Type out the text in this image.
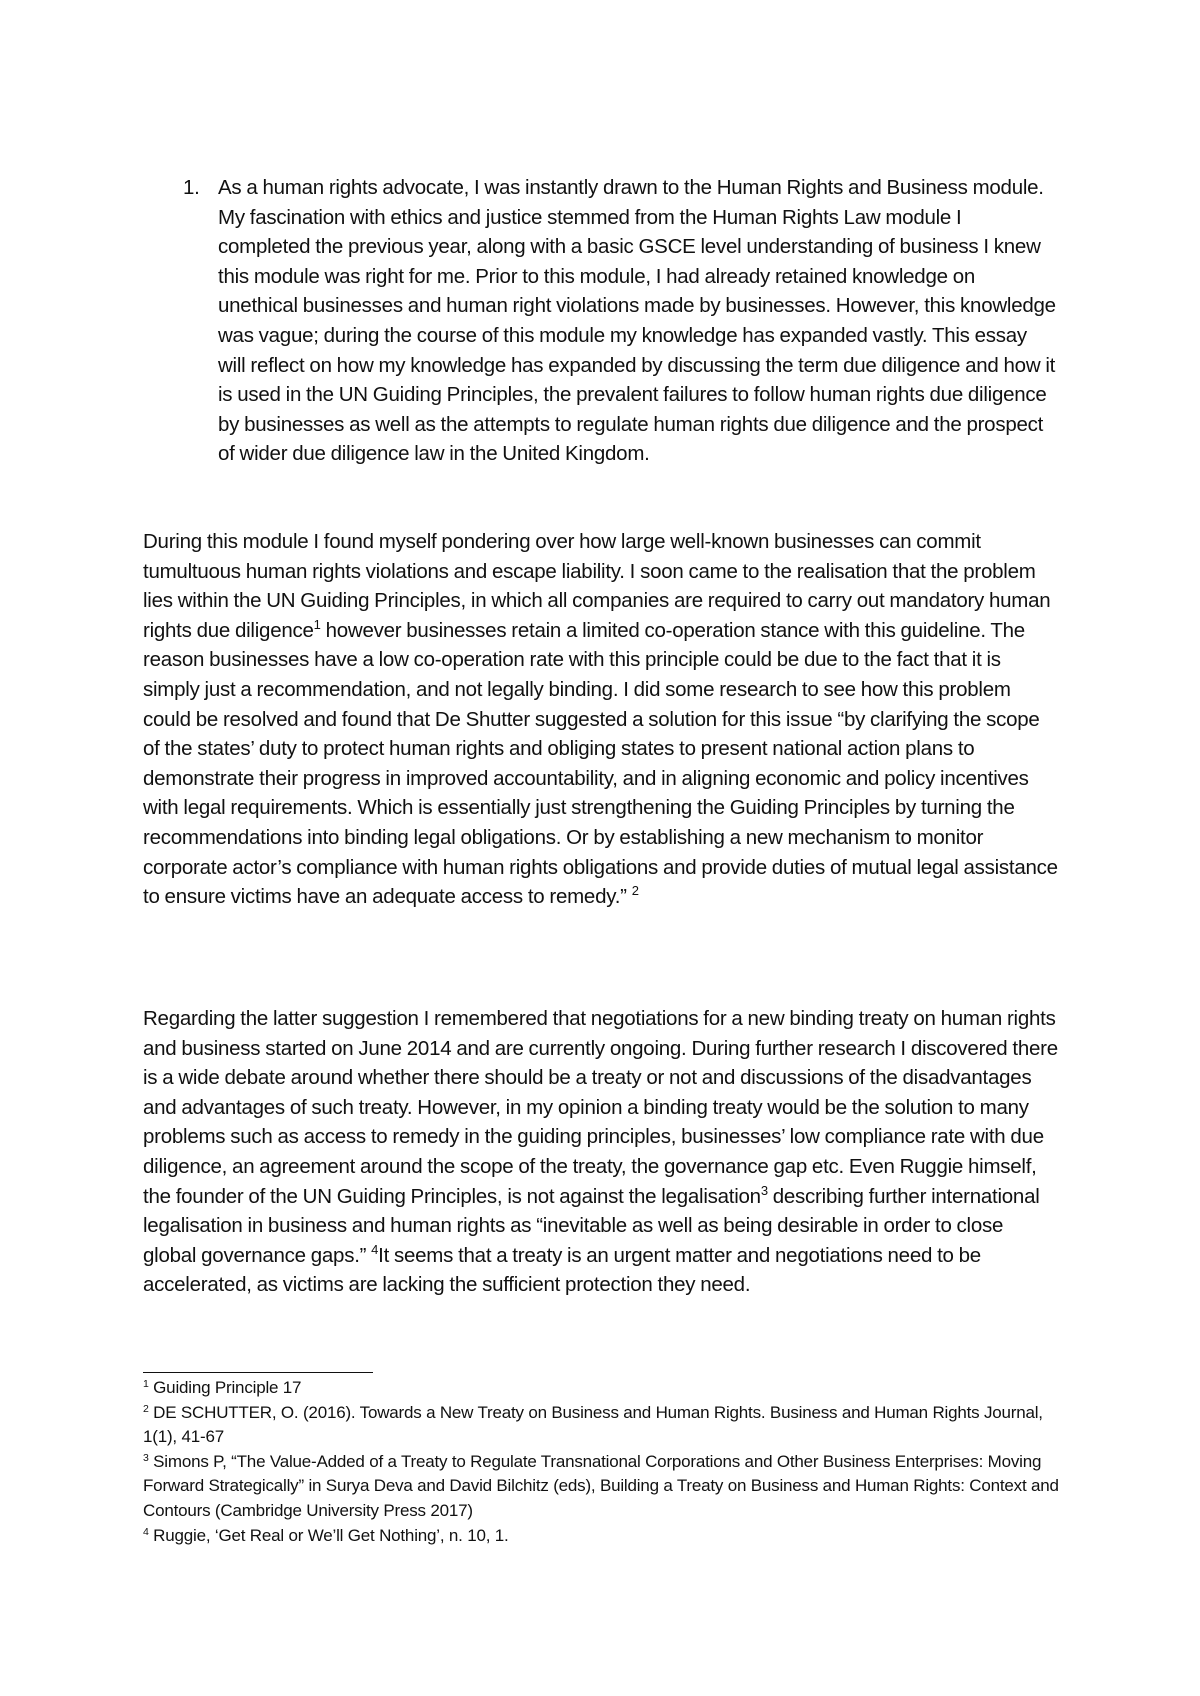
1. As a human rights advocate, I was instantly drawn to the Human Rights and Business module. My fascination with ethics and justice stemmed from the Human Rights Law module I completed the previous year, along with a basic GSCE level understanding of business I knew this module was right for me. Prior to this module, I had already retained knowledge on unethical businesses and human right violations made by businesses. However, this knowledge was vague; during the course of this module my knowledge has expanded vastly. This essay will reflect on how my knowledge has expanded by discussing the term due diligence and how it is used in the UN Guiding Principles, the prevalent failures to follow human rights due diligence by businesses as well as the attempts to regulate human rights due diligence and the prospect of wider due diligence law in the United Kingdom.

During this module I found myself pondering over how large well-known businesses can commit tumultuous human rights violations and escape liability. I soon came to the realisation that the problem lies within the UN Guiding Principles, in which all companies are required to carry out mandatory human rights due diligence$^1$ however businesses retain a limited co-operation stance with this guideline. The reason businesses have a low co-operation rate with this principle could be due to the fact that it is simply just a recommendation, and not legally binding. I did some research to see how this problem could be resolved and found that De Shutter suggested a solution for this issue “by clarifying the scope of the states’ duty to protect human rights and obliging states to present national action plans to demonstrate their progress in improved accountability, and in aligning economic and policy incentives with legal requirements. Which is essentially just strengthening the Guiding Principles by turning the recommendations into binding legal obligations. Or by establishing a new mechanism to monitor corporate actor’s compliance with human rights obligations and provide duties of mutual legal assistance to ensure victims have an adequate access to remedy.” $^2$

Regarding the latter suggestion I remembered that negotiations for a new binding treaty on human rights and business started on June 2014 and are currently ongoing. During further research I discovered there is a wide debate around whether there should be a treaty or not and discussions of the disadvantages and advantages of such treaty. However, in my opinion a binding treaty would be the solution to many problems such as access to remedy in the guiding principles, businesses’ low compliance rate with due diligence, an agreement around the scope of the treaty, the governance gap etc. Even Ruggie himself, the founder of the UN Guiding Principles, is not against the legalisation$^3$ describing further international legalisation in business and human rights as “inevitable as well as being desirable in order to close global governance gaps.” $^4$It seems that a treaty is an urgent matter and negotiations need to be accelerated, as victims are lacking the sufficient protection they need.

$^1$ Guiding Principle 17

$^2$ DE SCHUTTER, O. (2016). Towards a New Treaty on Business and Human Rights. Business and Human Rights Journal, 1(1), 41-67

$^3$ Simons P, “The Value-Added of a Treaty to Regulate Transnational Corporations and Other Business Enterprises: Moving Forward Strategically” in Surya Deva and David Bilchitz (eds), Building a Treaty on Business and Human Rights: Context and Contours (Cambridge University Press 2017)

$^4$ Ruggie, ‘Get Real or We’ll Get Nothing’, n. 10, 1.
